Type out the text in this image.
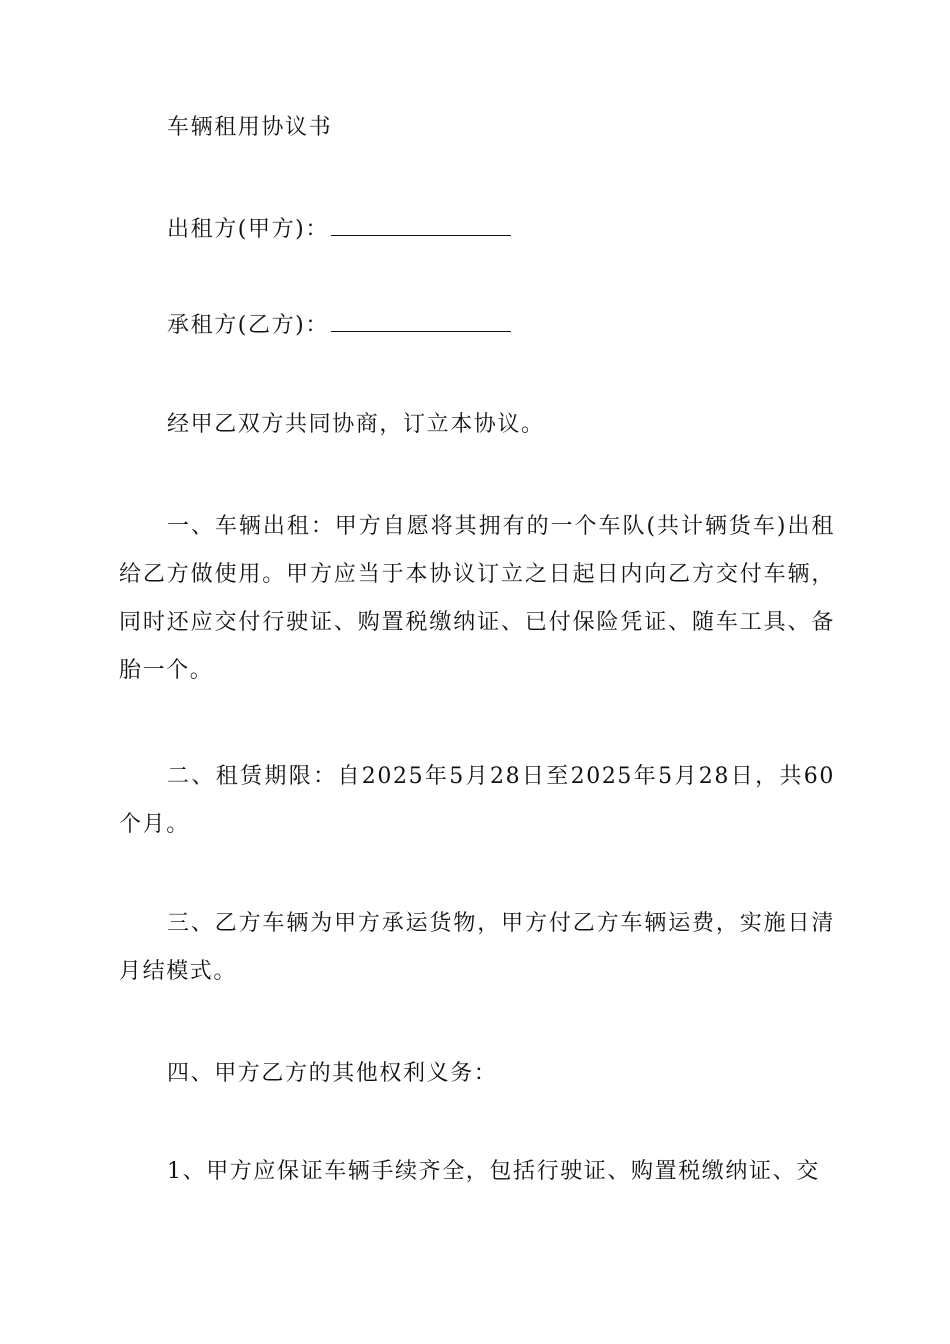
车辆租用协议书

出租方(甲方)：

承租方(乙方)：

经甲乙双方共同协商，订立本协议。

一、车辆出租：甲方自愿将其拥有的一个车队(共计辆货车)出租给乙方做使用。甲方应当于本协议订立之日起日内向乙方交付车辆，同时还应交付行驶证、购置税缴纳证、已付保险凭证、随车工具、备胎一个。

二、租赁期限：自2025年5月28日至2025年5月28日，共60个月。

三、乙方车辆为甲方承运货物，甲方付乙方车辆运费，实施日清月结模式。

四、甲方乙方的其他权利义务：

1、甲方应保证车辆手续齐全，包括行驶证、购置税缴纳证、交
